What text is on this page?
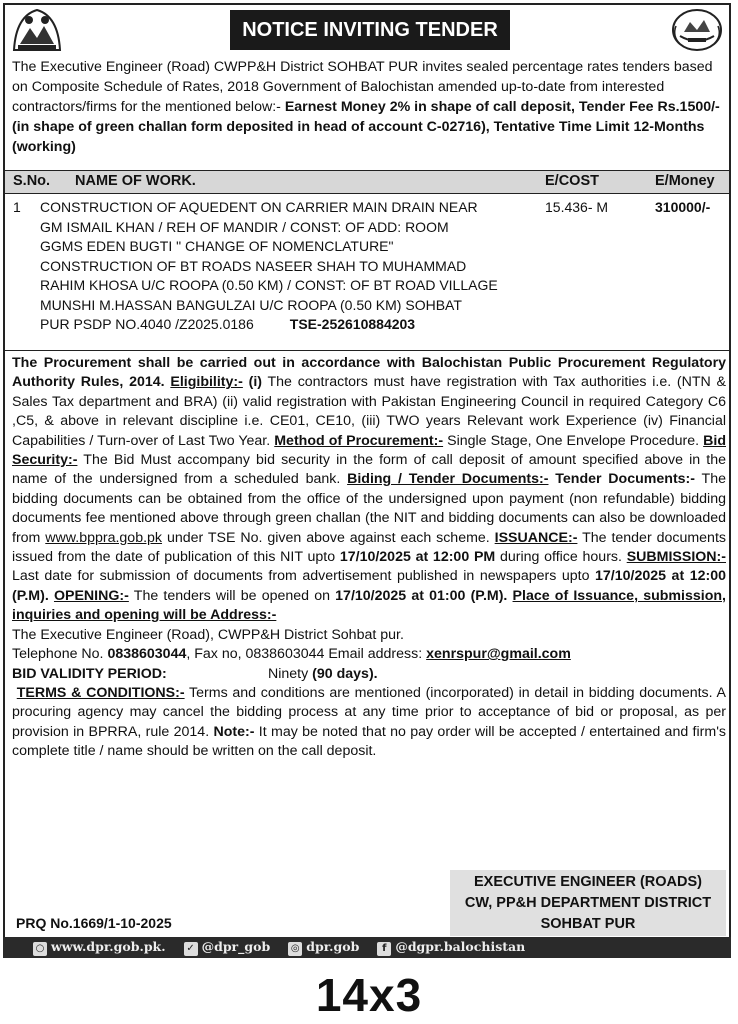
NOTICE INVITING TENDER
The Executive Engineer (Road) CWPP&H District SOHBAT PUR invites sealed percentage rates tenders based on Composite Schedule of Rates, 2018 Government of Balochistan amended up-to-date from interested contractors/firms for the mentioned below:- Earnest Money 2% in shape of call deposit, Tender Fee Rs.1500/- (in shape of green challan form deposited in head of account C-02716), Tentative Time Limit 12-Months (working)
S.No. NAME OF WORK.	E/COST	E/Money
1 CONSTRUCTION OF AQUEDENT ON CARRIER MAIN DRAIN NEAR
GM ISMAIL KHAN / REH OF MANDIR / CONST: OF ADD: ROOM
GGMS EDEN BUGTI " CHANGE OF NOMENCLATURE"
CONSTRUCTION OF BT ROADS NASEER SHAH TO MUHAMMAD
RAHIM KHOSA U/C ROOPA (0.50 KM) / CONST: OF BT ROAD VILLAGE
MUNSHI M.HASSAN BANGULZAI U/C ROOPA (0.50 KM) SOHBAT
PUR PSDP NO.4040 /Z2025.0186	TSE-252610884203
15.436- M	310000/-

The Procurement shall be carried out in accordance with Balochistan Public Procurement Regulatory Authority Rules, 2014. Eligibility:- (i) The contractors must have registration with Tax authorities i.e. (NTN & Sales Tax department and BRA) (ii) valid registration with Pakistan Engineering Council in required Category C6 ,C5, & above in relevant discipline i.e. CE01, CE10, (iii) TWO years Relevant work Experience (iv) Financial Capabilities / Turn-over of Last Two Year. Method of Procurement:- Single Stage, One Envelope Procedure. Bid Security:- The Bid Must accompany bid security in the form of call deposit of amount specified above in the name of the undersigned from a scheduled bank. Biding / Tender Documents:- Tender Documents:- The bidding documents can be obtained from the office of the undersigned upon payment (non refundable) bidding documents fee mentioned above through green challan (the NIT and bidding documents can also be downloaded from www.bppra.gob.pk under TSE No. given above against each scheme. ISSUANCE:- The tender documents issued from the date of publication of this NIT upto 17/10/2025 at 12:00 PM during office hours. SUBMISSION:- Last date for submission of documents from advertisement published in newspapers upto 17/10/2025 at 12:00 (P.M). OPENING:- The tenders will be opened on 17/10/2025 at 01:00 (P.M). Place of Issuance, submission, inquiries and opening will be Address:-

The Executive Engineer (Road), CWPP&H District Sohbat pur.

Telephone No. 0838603044, Fax no, 0838603044 Email address: xenrspur@gmail.com

BID VALIDITY PERIOD:	Ninety (90 days).

TERMS & CONDITIONS:- Terms and conditions are mentioned (incorporated) in detail in bidding documents. A procuring agency may cancel the bidding process at any time prior to acceptance of bid or proposal, as per provision in BPRRA, rule 2014. Note:- It may be noted that no pay order will be accepted / entertained and firm's complete title / name should be written on the call deposit.

EXECUTIVE ENGINEER (ROADS)
CW, PP&H DEPARTMENT DISTRICT
SOHBAT PUR
PRQ No.1669/1-10-2025
○ www.dpr.gob.pk. ✓ @dpr_gob ◎ dpr.gob	f @dgpr.balochistan
14x3
